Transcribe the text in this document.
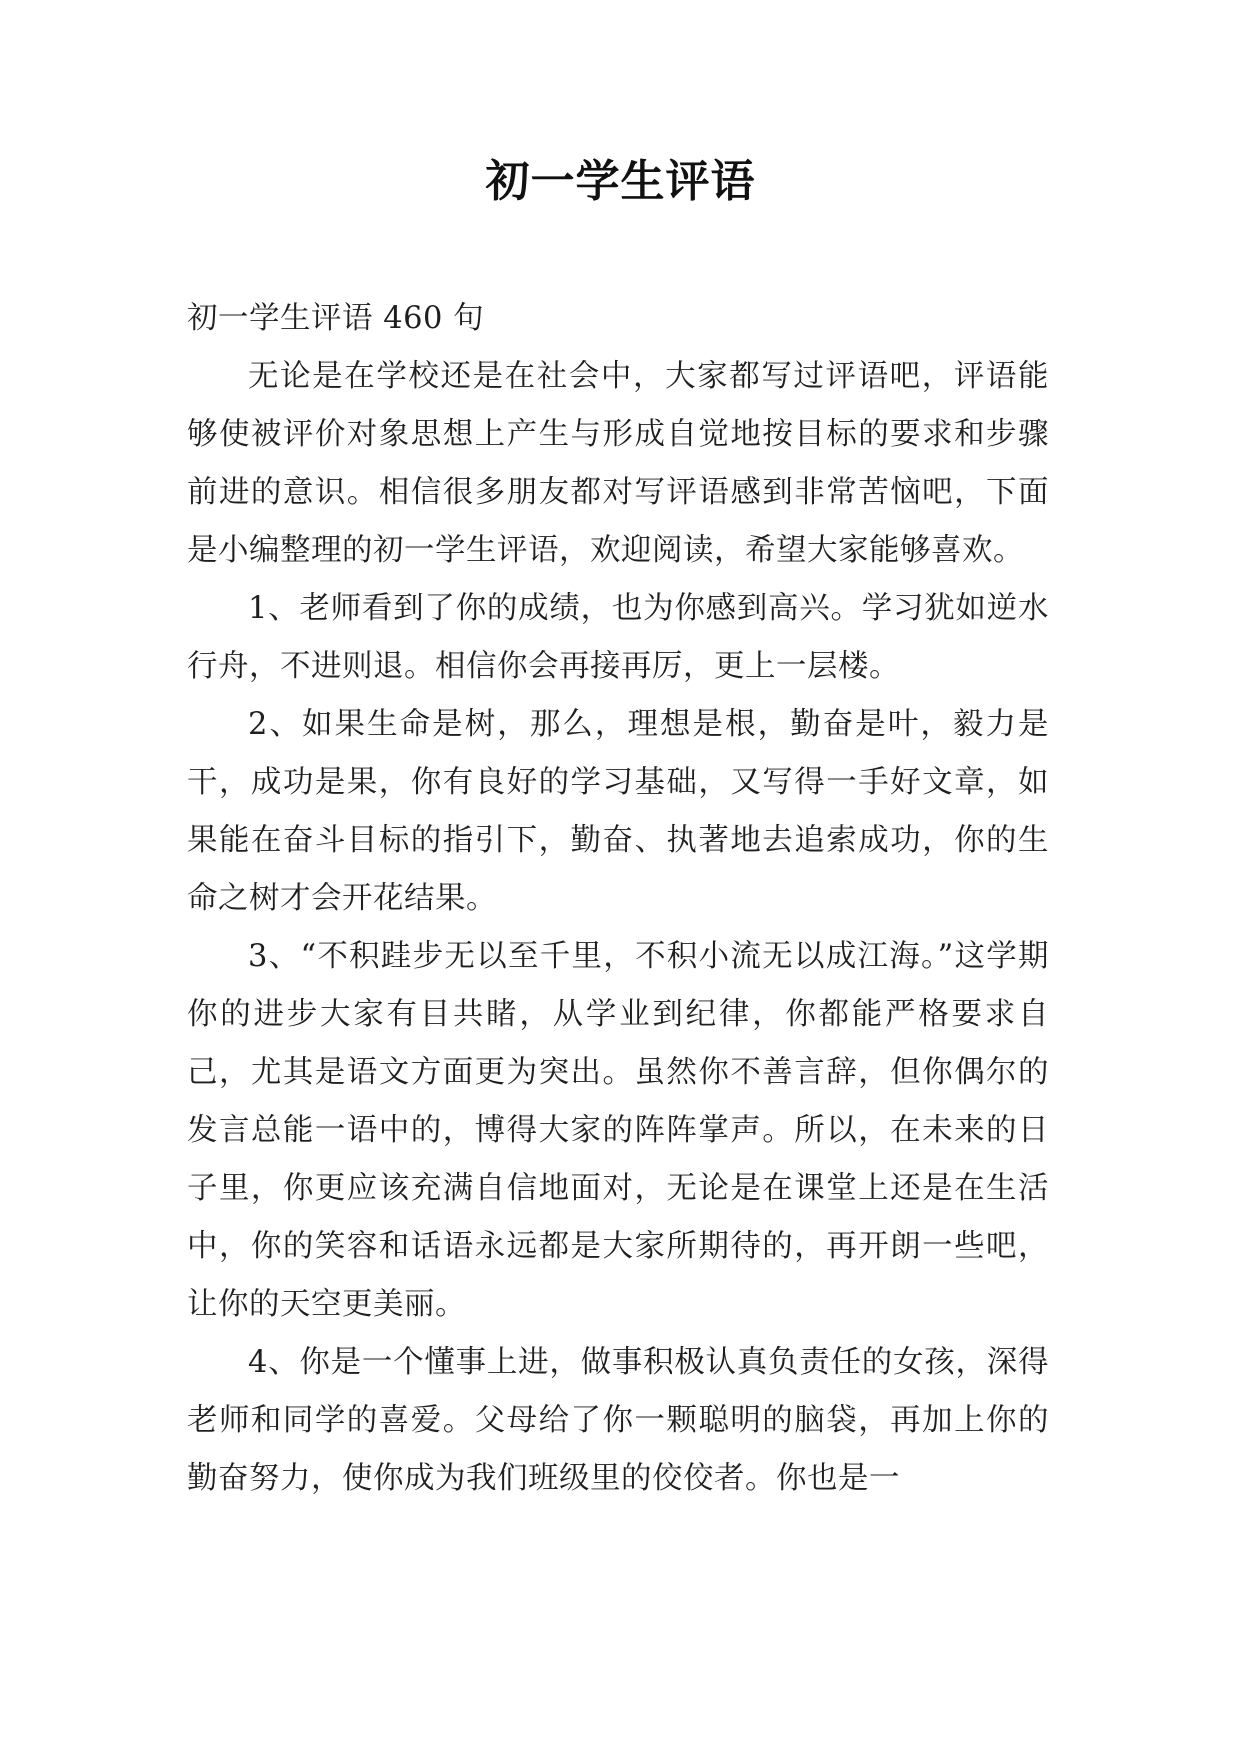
初一学生评语

初一学生评语 460 句

无论是在学校还是在社会中，大家都写过评语吧，评语能够使被评价对象思想上产生与形成自觉地按目标的要求和步骤前进的意识。相信很多朋友都对写评语感到非常苦恼吧，下面是小编整理的初一学生评语，欢迎阅读，希望大家能够喜欢。

1、老师看到了你的成绩，也为你感到高兴。学习犹如逆水行舟，不进则退。相信你会再接再厉，更上一层楼。

2、如果生命是树，那么，理想是根，勤奋是叶，毅力是干，成功是果，你有良好的学习基础，又写得一手好文章，如果能在奋斗目标的指引下，勤奋、执著地去追索成功，你的生命之树才会开花结果。

3、“不积跬步无以至千里，不积小流无以成江海。”这学期你的进步大家有目共睹，从学业到纪律，你都能严格要求自己，尤其是语文方面更为突出。虽然你不善言辞，但你偶尔的发言总能一语中的，博得大家的阵阵掌声。所以，在未来的日子里，你更应该充满自信地面对，无论是在课堂上还是在生活中，你的笑容和话语永远都是大家所期待的，再开朗一些吧，让你的天空更美丽。

4、你是一个懂事上进，做事积极认真负责任的女孩，深得老师和同学的喜爱。父母给了你一颗聪明的脑袋，再加上你的勤奋努力，使你成为我们班级里的佼佼者。你也是一
